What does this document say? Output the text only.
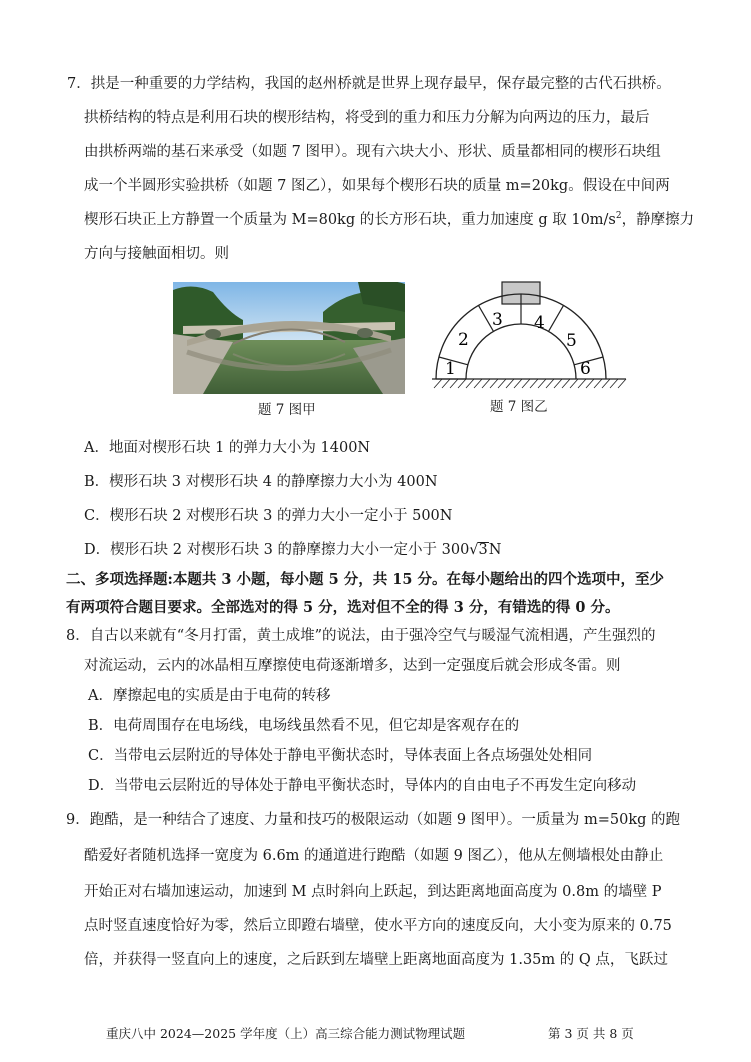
7．拱是一种重要的力学结构，我国的赵州桥就是世界上现存最早，保存最完整的古代石拱桥。
拱桥结构的特点是利用石块的楔形结构，将受到的重力和压力分解为向两边的压力，最后
由拱桥两端的基石来承受（如题 7 图甲）。现有六块大小、形状、质量都相同的楔形石块组
成一个半圆形实验拱桥（如题 7 图乙），如果每个楔形石块的质量 m=20kg。假设在中间两
楔形石块正上方静置一个质量为 M=80kg 的长方形石块，重力加速度 g 取 $10m/s^2$，静摩擦力
方向与接触面相切。则
题 7 图甲
1
2
3 4
5
6
题 7 图乙
A．地面对楔形石块 1 的弹力大小为 1400N
B．楔形石块 3 对楔形石块 4 的静摩擦力大小为 400N
C．楔形石块 2 对楔形石块 3 的弹力大小一定小于 500N
D．楔形石块 2 对楔形石块 3 的静摩擦力大小一定小于 300√3N
二、多项选择题:本题共 3 小题，每小题 5 分，共 15 分。在每小题给出的四个选项中，至少
有两项符合题目要求。全部选对的得 5 分，选对但不全的得 3 分，有错选的得 0 分。
8．自古以来就有“冬月打雷，黄土成堆”的说法，由于强冷空气与暖湿气流相遇，产生强烈的
对流运动，云内的冰晶相互摩擦使电荷逐渐增多，达到一定强度后就会形成冬雷。则
A．摩擦起电的实质是由于电荷的转移
B．电荷周围存在电场线，电场线虽然看不见，但它却是客观存在的
C．当带电云层附近的导体处于静电平衡状态时，导体表面上各点场强处处相同
D．当带电云层附近的导体处于静电平衡状态时，导体内的自由电子不再发生定向移动
9．跑酷，是一种结合了速度、力量和技巧的极限运动（如题 9 图甲）。一质量为 m=50kg 的跑
酷爱好者随机选择一宽度为 6.6m 的通道进行跑酷（如题 9 图乙），他从左侧墙根处由静止
开始正对右墙加速运动，加速到 M 点时斜向上跃起，到达距离地面高度为 0.8m 的墙壁 P
点时竖直速度恰好为零，然后立即蹬右墙壁，使水平方向的速度反向，大小变为原来的 0.75
倍，并获得一竖直向上的速度，之后跃到左墙壁上距离地面高度为 1.35m 的 Q 点，飞跃过
重庆八中 2024—2025 学年度（上）高三综合能力测试物理试题	第 3 页 共 8 页
